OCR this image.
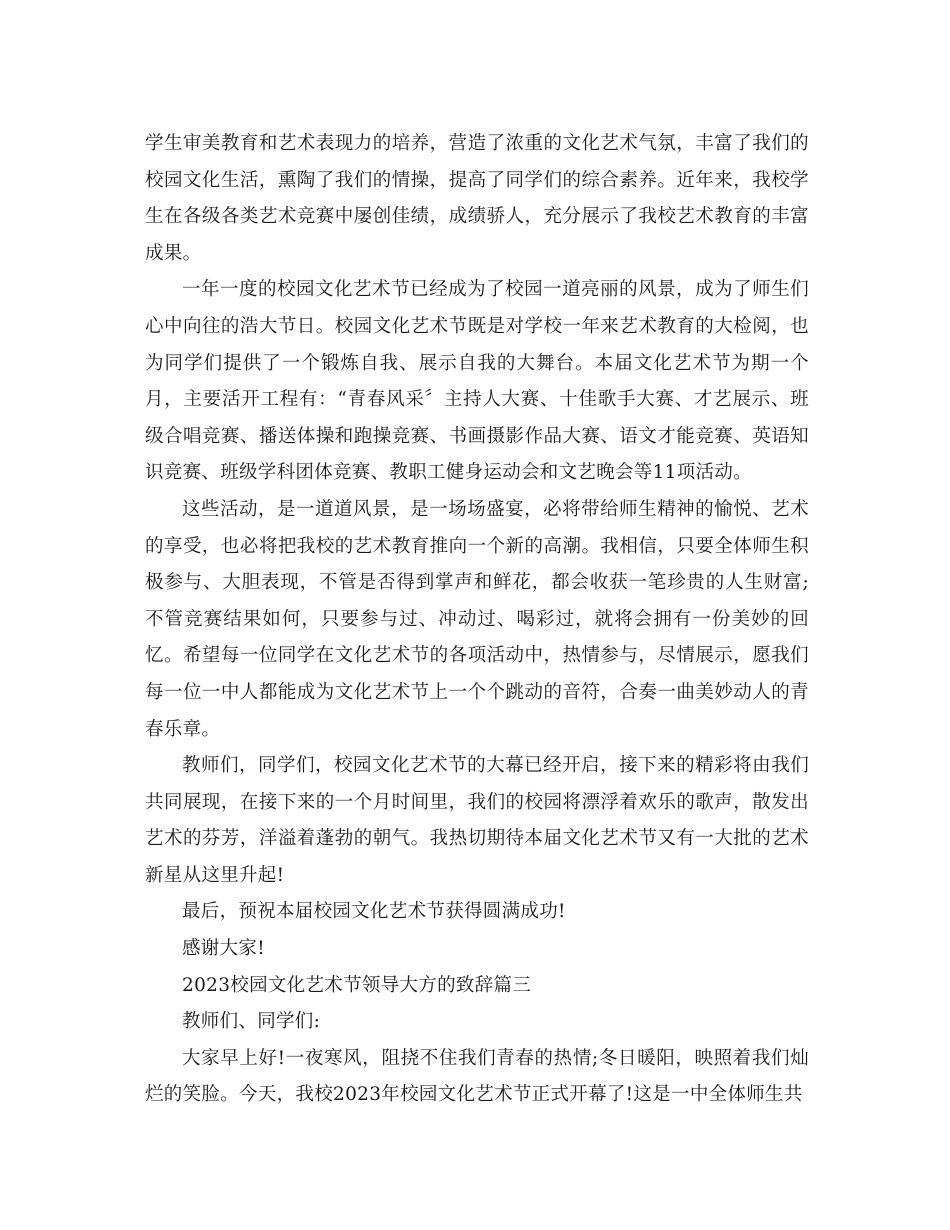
学生审美教育和艺术表现力的培养，营造了浓重的文化艺术气氛，丰富了我们的校园文化生活，熏陶了我们的情操，提高了同学们的综合素养。近年来，我校学生在各级各类艺术竞赛中屡创佳绩，成绩骄人，充分展示了我校艺术教育的丰富成果。

一年一度的校园文化艺术节已经成为了校园一道亮丽的风景，成为了师生们心中向往的浩大节日。校园文化艺术节既是对学校一年来艺术教育的大检阅，也为同学们提供了一个锻炼自我、展示自我的大舞台。本届文化艺术节为期一个月，主要活开工程有：“青春风采〞主持人大赛、十佳歌手大赛、才艺展示、班级合唱竞赛、播送体操和跑操竞赛、书画摄影作品大赛、语文才能竞赛、英语知识竞赛、班级学科团体竞赛、教职工健身运动会和文艺晚会等11项活动。

这些活动，是一道道风景，是一场场盛宴，必将带给师生精神的愉悦、艺术的享受，也必将把我校的艺术教育推向一个新的高潮。我相信，只要全体师生积极参与、大胆表现，不管是否得到掌声和鲜花，都会收获一笔珍贵的人生财富;不管竞赛结果如何，只要参与过、冲动过、喝彩过，就将会拥有一份美妙的回忆。希望每一位同学在文化艺术节的各项活动中，热情参与，尽情展示，愿我们每一位一中人都能成为文化艺术节上一个个跳动的音符，合奏一曲美妙动人的青春乐章。

教师们，同学们，校园文化艺术节的大幕已经开启，接下来的精彩将由我们共同展现，在接下来的一个月时间里，我们的校园将漂浮着欢乐的歌声，散发出艺术的芬芳，洋溢着蓬勃的朝气。我热切期待本届文化艺术节又有一大批的艺术新星从这里升起!

最后，预祝本届校园文化艺术节获得圆满成功!

感谢大家!

2023校园文化艺术节领导大方的致辞篇三

教师们、同学们:

大家早上好!一夜寒风，阻挠不住我们青春的热情;冬日暖阳，映照着我们灿烂的笑脸。今天，我校2023年校园文化艺术节正式开幕了!这是一中全体师生共
